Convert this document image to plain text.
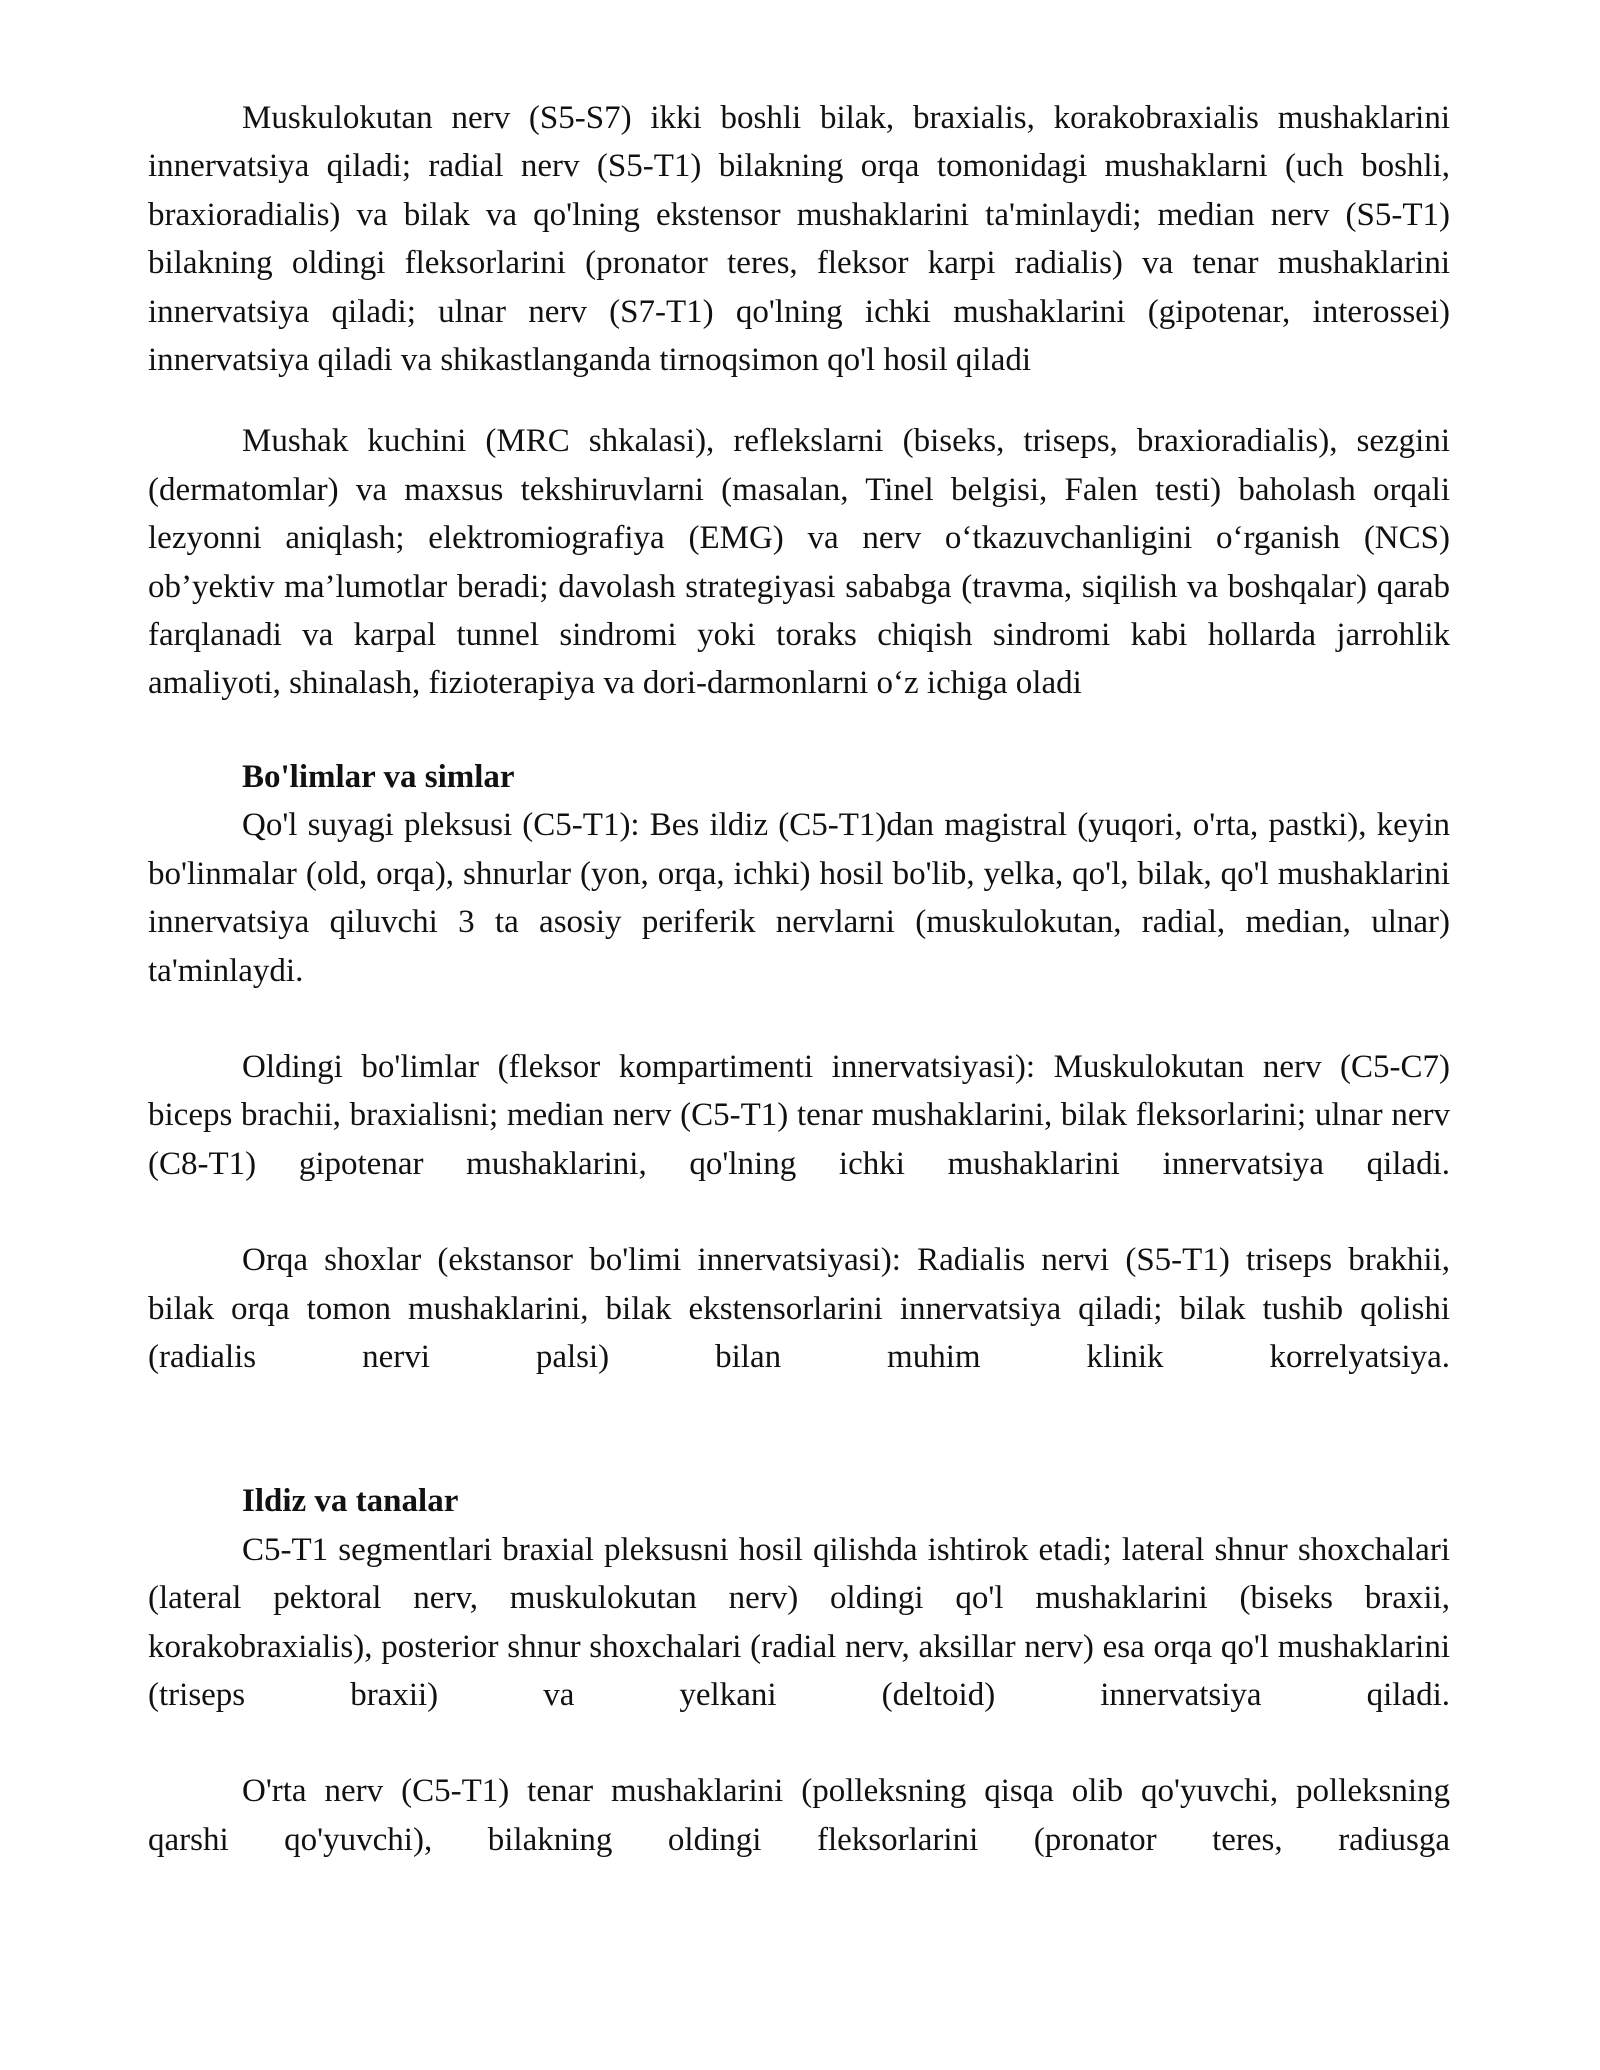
Muskulokutan nerv (S5-S7) ikki boshli bilak, braxialis, korakobraxialis mushaklarini innervatsiya qiladi; radial nerv (S5-T1) bilakning orqa tomonidagi mushaklarni (uch boshli, braxioradialis) va bilak va qo'lning ekstensor mushaklarini ta'minlaydi; median nerv (S5-T1) bilakning oldingi fleksorlarini (pronator teres, fleksor karpi radialis) va tenar mushaklarini innervatsiya qiladi; ulnar nerv (S7-T1) qo'lning ichki mushaklarini (gipotenar, interossei) innervatsiya qiladi va shikastlanganda tirnoqsimon qo'l hosil qiladi

Mushak kuchini (MRC shkalasi), reflekslarni (biseks, triseps, braxioradialis), sezgini (dermatomlar) va maxsus tekshiruvlarni (masalan, Tinel belgisi, Falen testi) baholash orqali lezyonni aniqlash; elektromiografiya (EMG) va nerv o‘tkazuvchanligini o‘rganish (NCS) ob’yektiv ma’lumotlar beradi; davolash strategiyasi sababga (travma, siqilish va boshqalar) qarab farqlanadi va karpal tunnel sindromi yoki toraks chiqish sindromi kabi hollarda jarrohlik amaliyoti, shinalash, fizioterapiya va dori-darmonlarni o‘z ichiga oladi

Bo'limlar va simlar

Qo'l suyagi pleksusi (C5-T1): Bes ildiz (C5-T1)dan magistral (yuqori, o'rta, pastki), keyin bo'linmalar (old, orqa), shnurlar (yon, orqa, ichki) hosil bo'lib, yelka, qo'l, bilak, qo'l mushaklarini innervatsiya qiluvchi 3 ta asosiy periferik nervlarni (muskulokutan, radial, median, ulnar) ta'minlaydi.

Oldingi bo'limlar (fleksor kompartimenti innervatsiyasi): Muskulokutan nerv (C5-C7) biceps brachii, braxialisni; median nerv (C5-T1) tenar mushaklarini, bilak fleksorlarini; ulnar nerv (C8-T1) gipotenar mushaklarini, qo'lning ichki mushaklarini innervatsiya qiladi.

Orqa shoxlar (ekstansor bo'limi innervatsiyasi): Radialis nervi (S5-T1) triseps brakhii, bilak orqa tomon mushaklarini, bilak ekstensorlarini innervatsiya qiladi; bilak tushib qolishi (radialis nervi palsi) bilan muhim klinik korrelyatsiya.

Ildiz va tanalar

C5-T1 segmentlari braxial pleksusni hosil qilishda ishtirok etadi; lateral shnur shoxchalari (lateral pektoral nerv, muskulokutan nerv) oldingi qo'l mushaklarini (biseks braxii, korakobraxialis), posterior shnur shoxchalari (radial nerv, aksillar nerv) esa orqa qo'l mushaklarini (triseps braxii) va yelkani (deltoid) innervatsiya qiladi.

O'rta nerv (C5-T1) tenar mushaklarini (polleksning qisqa olib qo'yuvchi, polleksning qarshi qo'yuvchi), bilakning oldingi fleksorlarini (pronator teres, radiusga
